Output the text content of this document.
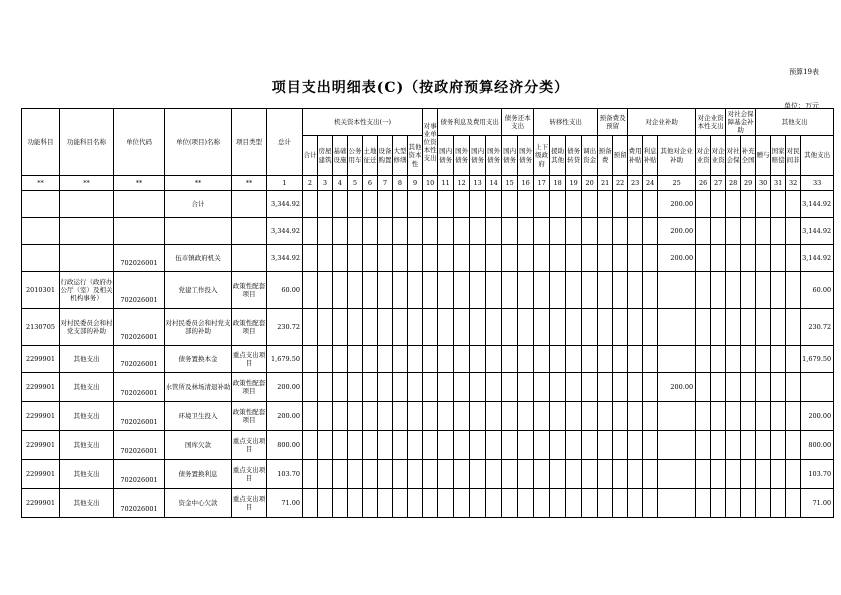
预算19表
项目支出明细表(C)（按政府预算经济分类）
单位：万元
功能科目	功能科目名称	单位代码	单位(项目)名称	项目类型	总计	机关资本性支出(一)								对事业单位资本性支出	债务利息及费用支出				债务还本支出		转移性支出				预备费及预留		对企业补助			对企业资本性支出		对社会保障基金补助		其他支出			
						合计	房屋建筑	基础设施	公务用车	土地征迁	设备购置	大型修缮	其他资本性		国内债务	国外债务	国内债务	国外债务	国内债务	国外债务	上下级政府	援助其他	债务转贷	调出资金	预备费	预留	费用补贴	利息补贴	其他对企业补助	对企业资	对企业资	对社会保	补充全国	赠与	国家赔偿	对民间非	其他支出
**	**	**	**	**	1	2	3	4	5	6	7	8	9	10	11	12	13	14	15	16	17	18	19	20	21	22	23	24	25	26	27	28	29	30	31	32	33
			合计		3,344.92																								200.00								3,144.92
					3,344.92																								200.00								3,144.92
		702026001	伍市镇政府机关		3,344.92																								200.00								3,144.92
2010301	行政运行（政府办公厅（室）及相关机构事务）	702026001	党建工作投入	政策性配套项目	60.00																																60.00
2130705	对村民委员会和村党支部的补助	702026001	对村民委员会和村党支部的补助	政策性配套项目	230.72																																230.72
2299901	其他支出	702026001	债务置换本金	重点支出项目	1,679.50																																1,679.50
2299901	其他支出	702026001	水管所及林场清退补助	政策性配套项目	200.00																								200.00								
2299901	其他支出	702026001	环境卫生投入	政策性配套项目	200.00																																200.00
2299901	其他支出	702026001	国库欠款	重点支出项目	800.00																																800.00
2299901	其他支出	702026001	债务置换利息	重点支出项目	103.70																																103.70
2299901	其他支出	702026001	资金中心欠款	重点支出项目	71.00																																71.00
